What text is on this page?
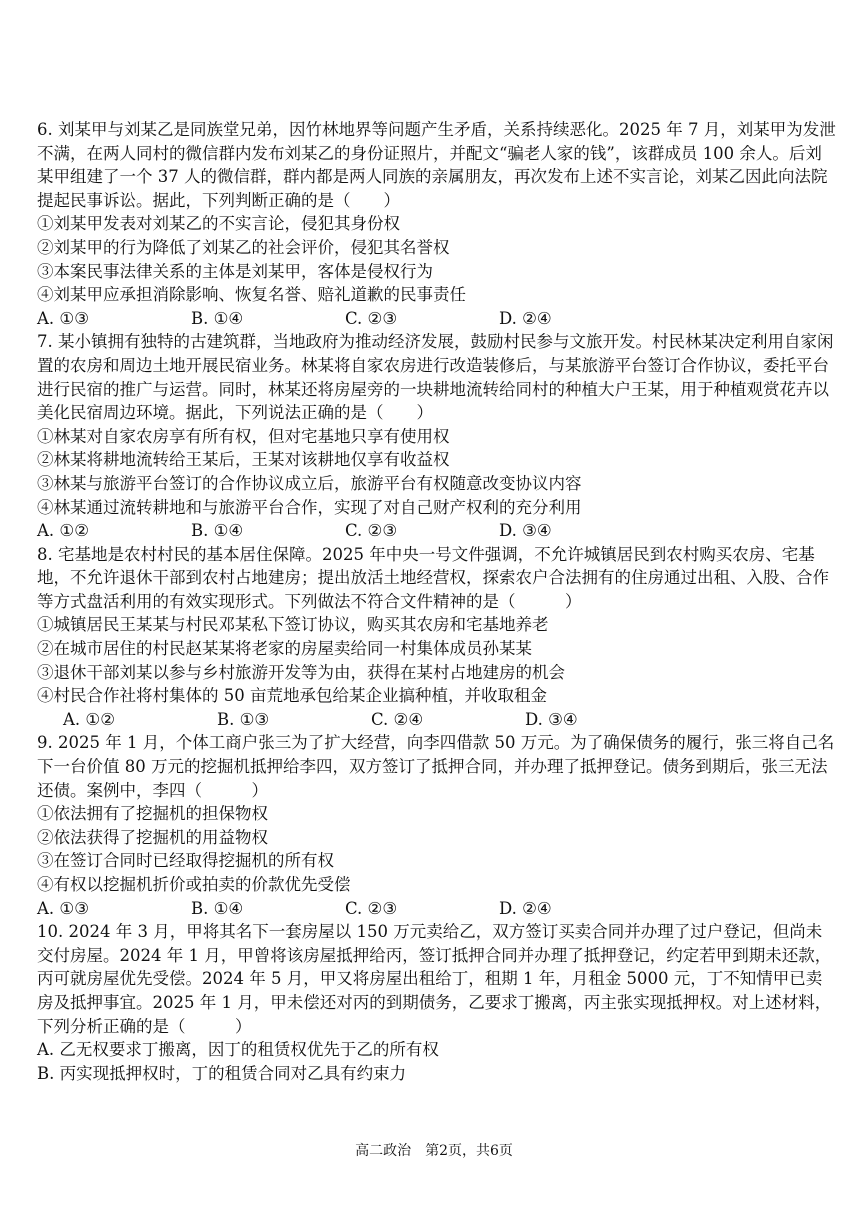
6. 刘某甲与刘某乙是同族堂兄弟，因竹林地界等问题产生矛盾，关系持续恶化。2025 年 7 月，刘某甲为发泄不满，在两人同村的微信群内发布刘某乙的身份证照片，并配文“骗老人家的钱”，该群成员 100 余人。后刘某甲组建了一个 37 人的微信群，群内都是两人同族的亲属朋友，再次发布上述不实言论，刘某乙因此向法院提起民事诉讼。据此，下列判断正确的是（　　）
①刘某甲发表对刘某乙的不实言论，侵犯其身份权
②刘某甲的行为降低了刘某乙的社会评价，侵犯其名誉权
③本案民事法律关系的主体是刘某甲，客体是侵权行为
④刘某甲应承担消除影响、恢复名誉、赔礼道歉的民事责任
A. ①③	B. ①④	C. ②③	D. ②④
7. 某小镇拥有独特的古建筑群，当地政府为推动经济发展，鼓励村民参与文旅开发。村民林某决定利用自家闲置的农房和周边土地开展民宿业务。林某将自家农房进行改造装修后，与某旅游平台签订合作协议，委托平台进行民宿的推广与运营。同时，林某还将房屋旁的一块耕地流转给同村的种植大户王某，用于种植观赏花卉以美化民宿周边环境。据此，下列说法正确的是（　　）
①林某对自家农房享有所有权，但对宅基地只享有使用权
②林某将耕地流转给王某后，王某对该耕地仅享有收益权
③林某与旅游平台签订的合作协议成立后，旅游平台有权随意改变协议内容
④林某通过流转耕地和与旅游平台合作，实现了对自己财产权利的充分利用
A. ①②	B. ①④	C. ②③	D. ③④
8. 宅基地是农村村民的基本居住保障。2025 年中央一号文件强调，不允许城镇居民到农村购买农房、宅基地，不允许退休干部到农村占地建房；提出放活土地经营权，探索农户合法拥有的住房通过出租、入股、合作等方式盘活利用的有效实现形式。下列做法不符合文件精神的是（　　　）
①城镇居民王某某与村民邓某私下签订协议，购买其农房和宅基地养老
②在城市居住的村民赵某某将老家的房屋卖给同一村集体成员孙某某
③退休干部刘某以参与乡村旅游开发等为由，获得在某村占地建房的机会
④村民合作社将村集体的 50 亩荒地承包给某企业搞种植，并收取租金
A. ①②	B. ①③	C. ②④	D. ③④
9. 2025 年 1 月，个体工商户张三为了扩大经营，向李四借款 50 万元。为了确保债务的履行，张三将自己名下一台价值 80 万元的挖掘机抵押给李四，双方签订了抵押合同，并办理了抵押登记。债务到期后，张三无法还债。案例中，李四（　　　）
①依法拥有了挖掘机的担保物权
②依法获得了挖掘机的用益物权
③在签订合同时已经取得挖掘机的所有权
④有权以挖掘机折价或拍卖的价款优先受偿
A. ①③	B. ①④	C. ②③	D. ②④
10. 2024 年 3 月，甲将其名下一套房屋以 150 万元卖给乙，双方签订买卖合同并办理了过户登记，但尚未交付房屋。2024 年 1 月，甲曾将该房屋抵押给丙，签订抵押合同并办理了抵押登记，约定若甲到期未还款，丙可就房屋优先受偿。2024 年 5 月，甲又将房屋出租给丁，租期 1 年，月租金 5000 元，丁不知情甲已卖房及抵押事宜。2025 年 1 月，甲未偿还对丙的到期债务，乙要求丁搬离，丙主张实现抵押权。对上述材料，下列分析正确的是（　　　）
A. 乙无权要求丁搬离，因丁的租赁权优先于乙的所有权
B. 丙实现抵押权时，丁的租赁合同对乙具有约束力
高二政治　第2页，共6页
